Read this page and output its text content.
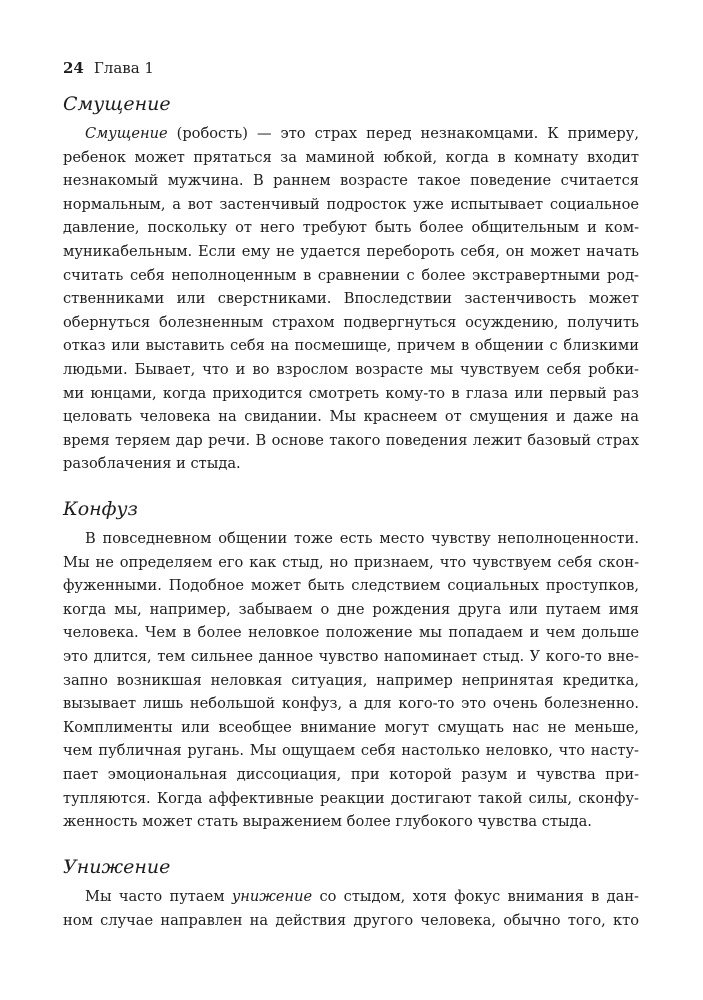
24 Глава 1
Смущение
Смущение (робость) — это страх перед незнакомцами. К примеру,
ребенок может прятаться за маминой юбкой, когда в комнату входит
незнакомый мужчина. В раннем возрасте такое поведение считается
нормальным, а вот застенчивый подросток уже испытывает социальное
давление, поскольку от него требуют быть более общительным и ком-
муникабельным. Если ему не удается перебороть себя, он может начать
считать себя неполноценным в сравнении с более экстравертными род-
ственниками или сверстниками. Впоследствии застенчивость может
обернуться болезненным страхом подвергнуться осуждению, получить
отказ или выставить себя на посмешище, причем в общении с близкими
людьми. Бывает, что и во взрослом возрасте мы чувствуем себя робки-
ми юнцами, когда приходится смотреть кому-то в глаза или первый раз
целовать человека на свидании. Мы краснеем от смущения и даже на
время теряем дар речи. В основе такого поведения лежит базовый страх
разоблачения и стыда.
Конфуз
В повседневном общении тоже есть место чувству неполноценности.
Мы не определяем его как стыд, но признаем, что чувствуем себя скон-
фуженными. Подобное может быть следствием социальных проступков,
когда мы, например, забываем о дне рождения друга или путаем имя
человека. Чем в более неловкое положение мы попадаем и чем дольше
это длится, тем сильнее данное чувство напоминает стыд. У кого-то вне-
запно возникшая неловкая ситуация, например непринятая кредитка,
вызывает лишь небольшой конфуз, а для кого-то это очень болезненно.
Комплименты или всеобщее внимание могут смущать нас не меньше,
чем публичная ругань. Мы ощущаем себя настолько неловко, что насту-
пает эмоциональная диссоциация, при которой разум и чувства при-
тупляются. Когда аффективные реакции достигают такой силы, сконфу-
женность может стать выражением более глубокого чувства стыда.
Унижение
Мы часто путаем унижение со стыдом, хотя фокус внимания в дан-
ном случае направлен на действия другого человека, обычно того, кто
